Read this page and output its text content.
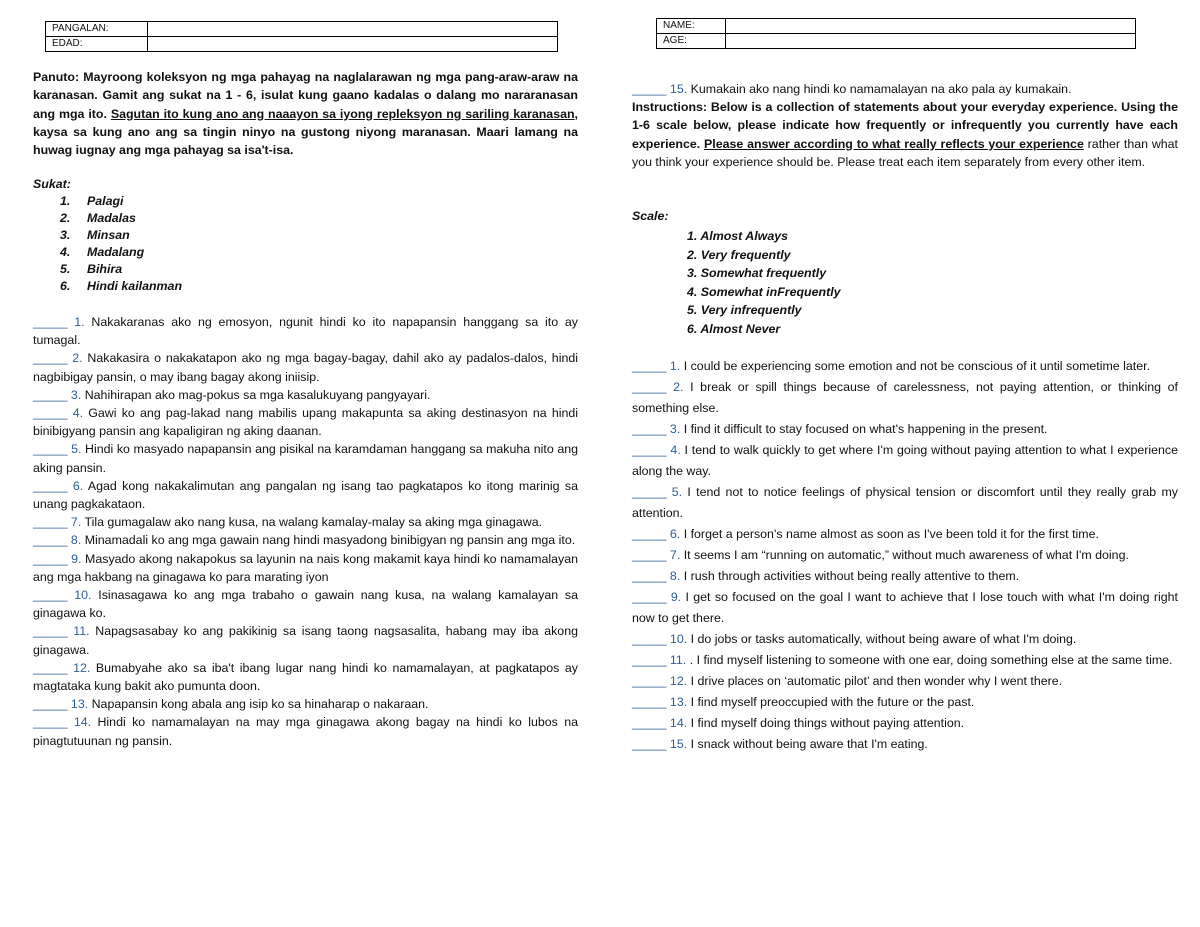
PANGALAN:	
EDAD:	
Panuto: Mayroong koleksyon ng mga pahayag na naglalarawan ng mga pang-araw-araw na karanasan. Gamit ang sukat na 1 - 6, isulat kung gaano kadalas o dalang mo nararanasan ang mga ito. Sagutan ito kung ano ang naaayon sa iyong repleksyon ng sariling karanasan, kaysa sa kung ano ang sa tingin ninyo na gustong niyong maranasan. Maari lamang na huwag iugnay ang mga pahayag sa isa't-isa.
Sukat:
1. Palagi
2. Madalas
3. Minsan
4. Madalang
5. Bihira
6. Hindi kailanman

_____ 1. Nakakaranas ako ng emosyon, ngunit hindi ko ito napapansin hanggang sa ito ay tumagal.

_____ 2. Nakakasira o nakakatapon ako ng mga bagay-bagay, dahil ako ay padalos-dalos, hindi nagbibigay pansin, o may ibang bagay akong iniisip.

_____ 3. Nahihirapan ako mag-pokus sa mga kasalukuyang pangyayari.

_____ 4. Gawi ko ang pag-lakad nang mabilis upang makapunta sa aking destinasyon na hindi binibigyang pansin ang kapaligiran ng aking daanan.

_____ 5. Hindi ko masyado napapansin ang pisikal na karamdaman hanggang sa makuha nito ang aking pansin.

_____ 6. Agad kong nakakalimutan ang pangalan ng isang tao pagkatapos ko itong marinig sa unang pagkakataon.

_____ 7. Tila gumagalaw ako nang kusa, na walang kamalay-malay sa aking mga ginagawa.

_____ 8. Minamadali ko ang mga gawain nang hindi masyadong binibigyan ng pansin ang mga ito.

_____ 9. Masyado akong nakapokus sa layunin na nais kong makamit kaya hindi ko namamalayan ang mga hakbang na ginagawa ko para marating iyon

_____ 10. Isinasagawa ko ang mga trabaho o gawain nang kusa, na walang kamalayan sa ginagawa ko.

_____ 11. Napagsasabay ko ang pakikinig sa isang taong nagsasalita, habang may iba akong ginagawa.

_____ 12. Bumabyahe ako sa iba't ibang lugar nang hindi ko namamalayan, at pagkatapos ay magtataka kung bakit ako pumunta doon.

_____ 13. Napapansin kong abala ang isip ko sa hinaharap o nakaraan.

_____ 14. Hindi ko namamalayan na may mga ginagawa akong bagay na hindi ko lubos na pinagtutuunan ng pansin.

NAME:	
AGE:	

_____ 15. Kumakain ako nang hindi ko namamalayan na ako pala ay kumakain.

Instructions: Below is a collection of statements about your everyday experience. Using the 1-6 scale below, please indicate how frequently or infrequently you currently have each experience. Please answer according to what really reflects your experience rather than what you think your experience should be. Please treat each item separately from every other item.
Scale:
1. Almost Always
2. Very frequently
3. Somewhat frequently
4. Somewhat inFrequently
5. Very infrequently
6. Almost Never

_____ 1. I could be experiencing some emotion and not be conscious of it until sometime later.

_____ 2. I break or spill things because of carelessness, not paying attention, or thinking of something else.

_____ 3. I find it difficult to stay focused on what's happening in the present.

_____ 4. I tend to walk quickly to get where I'm going without paying attention to what I experience along the way.

_____ 5. I tend not to notice feelings of physical tension or discomfort until they really grab my attention.

_____ 6. I forget a person's name almost as soon as I've been told it for the first time.

_____ 7. It seems I am “running on automatic,” without much awareness of what I'm doing.

_____ 8. I rush through activities without being really attentive to them.

_____ 9. I get so focused on the goal I want to achieve that I lose touch with what I'm doing right now to get there.

_____ 10. I do jobs or tasks automatically, without being aware of what I'm doing.

_____ 11. . I find myself listening to someone with one ear, doing something else at the same time.

_____ 12. I drive places on ‘automatic pilot’ and then wonder why I went there.

_____ 13. I find myself preoccupied with the future or the past.

_____ 14. I find myself doing things without paying attention.

_____ 15. I snack without being aware that I'm eating.
